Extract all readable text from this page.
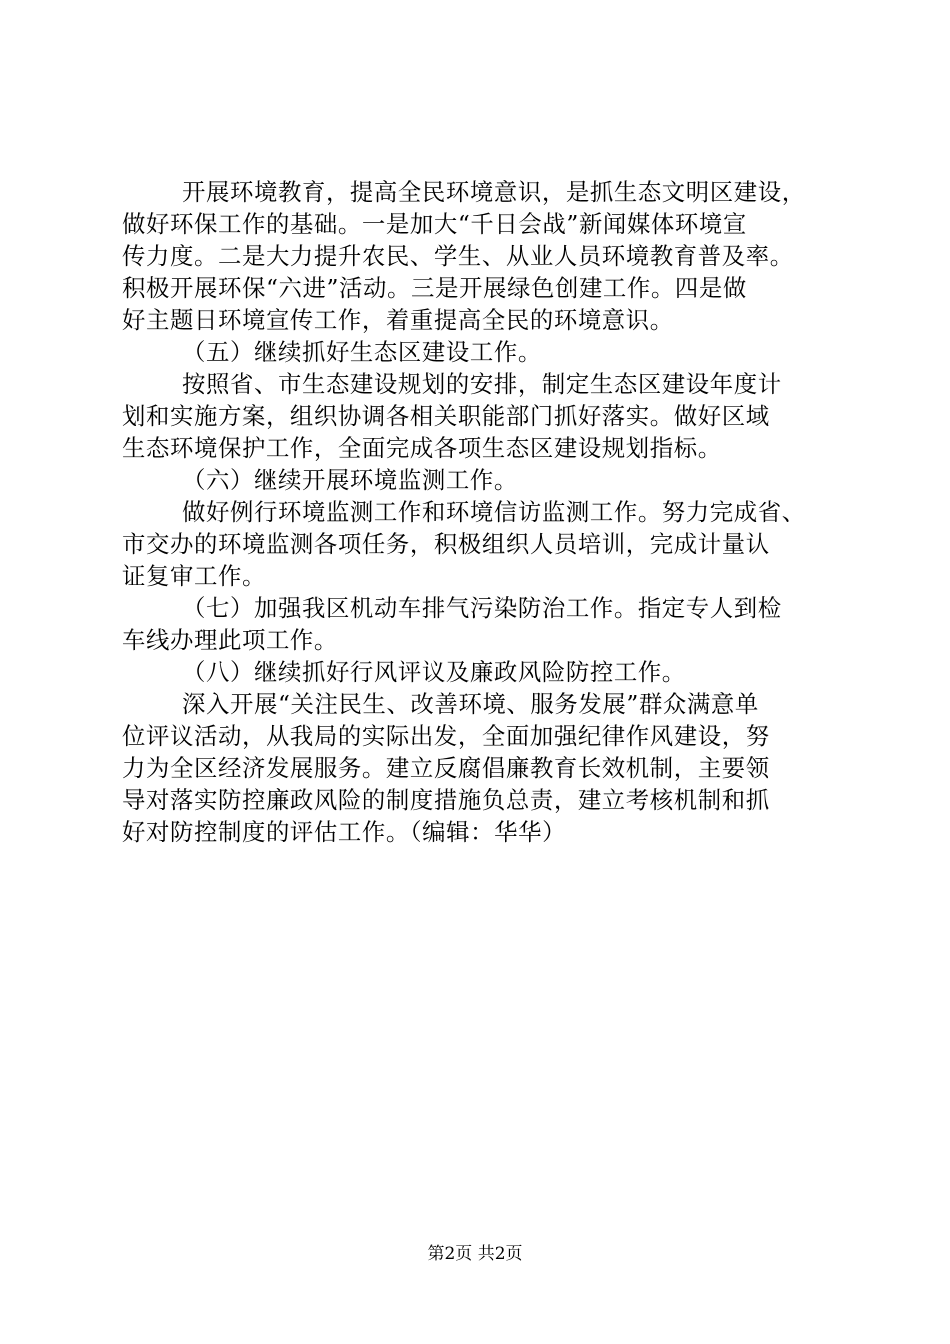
开展环境教育，提高全民环境意识，是抓生态文明区建设，
做好环保工作的基础。一是加大“千日会战”新闻媒体环境宣
传力度。二是大力提升农民、学生、从业人员环境教育普及率。
积极开展环保“六进”活动。三是开展绿色创建工作。四是做
好主题日环境宣传工作，着重提高全民的环境意识。
（五）继续抓好生态区建设工作。
按照省、市生态建设规划的安排，制定生态区建设年度计
划和实施方案，组织协调各相关职能部门抓好落实。做好区域
生态环境保护工作，全面完成各项生态区建设规划指标。
（六）继续开展环境监测工作。
做好例行环境监测工作和环境信访监测工作。努力完成省、
市交办的环境监测各项任务，积极组织人员培训，完成计量认
证复审工作。
（七）加强我区机动车排气污染防治工作。指定专人到检
车线办理此项工作。
（八）继续抓好行风评议及廉政风险防控工作。
深入开展“关注民生、改善环境、服务发展”群众满意单
位评议活动，从我局的实际出发，全面加强纪律作风建设，努
力为全区经济发展服务。建立反腐倡廉教育长效机制，主要领
导对落实防控廉政风险的制度措施负总责，建立考核机制和抓
好对防控制度的评估工作。（编辑：华华）
第2页 共2页
